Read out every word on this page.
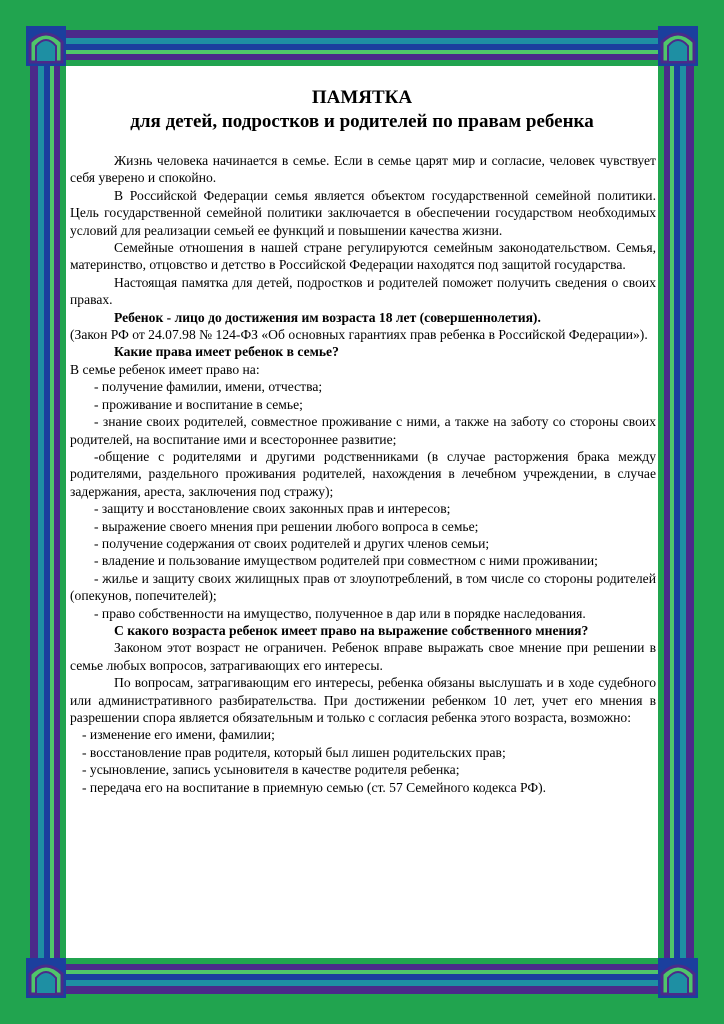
ПАМЯТКА

для детей, подростков и родителей по правам ребенка

Жизнь человека начинается в семье. Если в семье царят мир и согласие, человек чувствует себя уверено и спокойно.

В Российской Федерации семья является объектом государственной семейной политики. Цель государственной семейной политики заключается в обеспечении государством необходимых условий для реализации семьей ее функций и повышении качества жизни.

Семейные отношения в нашей стране регулируются семейным законодательством. Семья, материнство, отцовство и детство в Российской Федерации находятся под защитой государства.

Настоящая памятка для детей, подростков и родителей поможет получить сведения о своих правах.

Ребенок - лицо до достижения им возраста 18 лет (совершеннолетия).

(Закон РФ от 24.07.98 № 124-ФЗ «Об основных гарантиях прав ребенка в Российской Федерации»).

Какие права имеет ребенок в семье?

В семье ребенок имеет право на:

- получение фамилии, имени, отчества;

- проживание и воспитание в семье;

- знание своих родителей, совместное проживание с ними, а также на заботу со стороны своих родителей, на воспитание ими и всестороннее развитие;

-общение с родителями и другими родственниками (в случае расторжения брака между родителями, раздельного проживания родителей, нахождения в лечебном учреждении, в случае задержания, ареста, заключения под стражу);

- защиту и восстановление своих законных прав и интересов;

- выражение своего мнения при решении любого вопроса в семье;

- получение содержания от своих родителей и других членов семьи;

- владение и пользование имуществом родителей при совместном с ними проживании;

- жилье и защиту своих жилищных прав от злоупотреблений, в том числе со стороны родителей (опекунов, попечителей);

- право собственности на имущество, полученное в дар или в порядке наследования.

С какого возраста ребенок имеет право на выражение собственного мнения?

Законом этот возраст не ограничен. Ребенок вправе выражать свое мнение при решении в семье любых вопросов, затрагивающих его интересы.

По вопросам, затрагивающим его интересы, ребенка обязаны выслушать и в ходе судебного или административного разбирательства. При достижении ребенком 10 лет, учет его мнения в разрешении спора является обязательным и только с согласия ребенка этого возраста, возможно:

- изменение его имени, фамилии;

- восстановление прав родителя, который был лишен родительских прав;

- усыновление, запись усыновителя в качестве родителя ребенка;

- передача его на воспитание в приемную семью (ст. 57 Семейного кодекса РФ).
